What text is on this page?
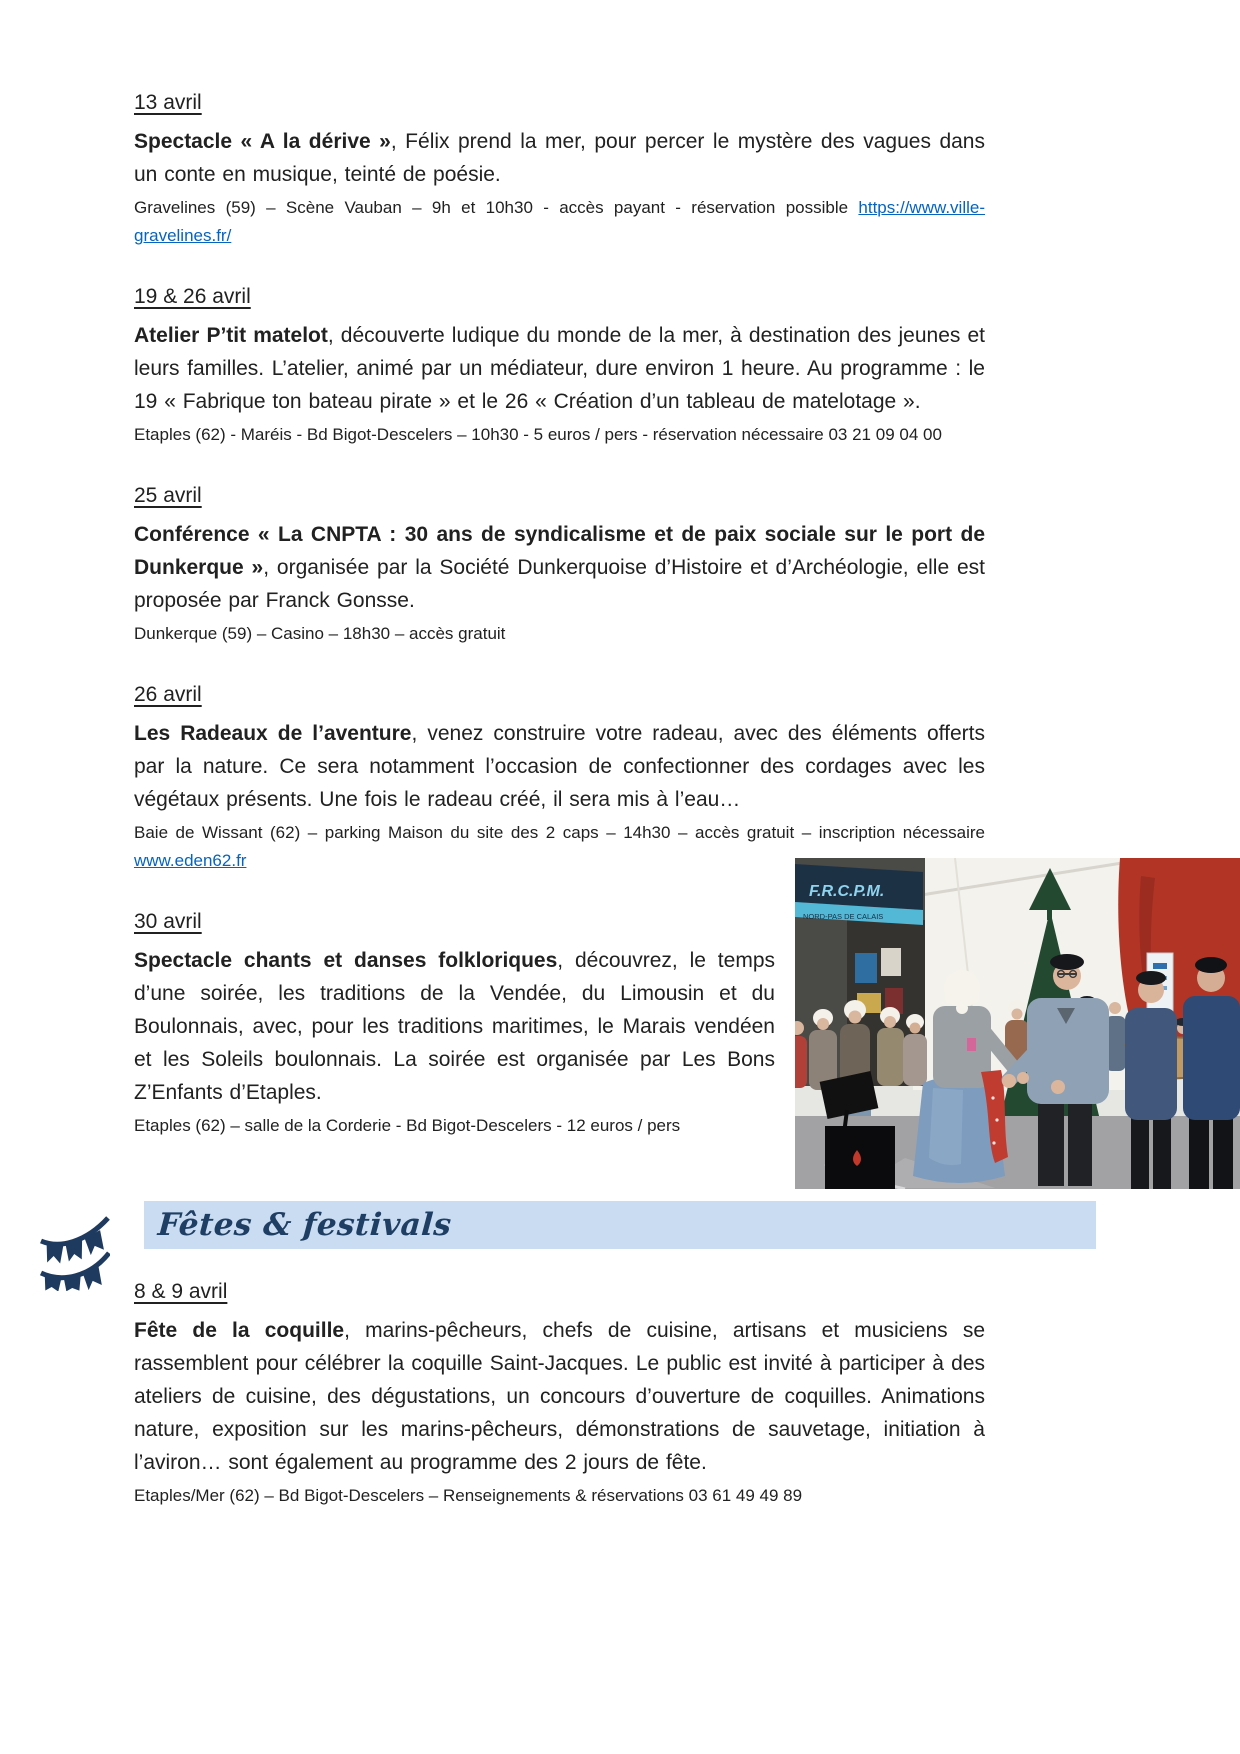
13 avril

Spectacle « A la dérive », Félix prend la mer, pour percer le mystère des vagues dans un conte en musique, teinté de poésie.

Gravelines (59) – Scène Vauban – 9h et 10h30 - accès payant - réservation possible https://www.ville-gravelines.fr/

19 & 26 avril

Atelier P’tit matelot, découverte ludique du monde de la mer, à destination des jeunes et leurs familles. L’atelier, animé par un médiateur, dure environ 1 heure. Au programme : le 19 « Fabrique ton bateau pirate » et le 26 « Création d’un tableau de matelotage ».

Etaples (62) - Maréis - Bd Bigot-Descelers – 10h30 - 5 euros / pers - réservation nécessaire 03 21 09 04 00

25 avril

Conférence « La CNPTA : 30 ans de syndicalisme et de paix sociale sur le port de Dunkerque », organisée par la Société Dunkerquoise d’Histoire et d’Archéologie, elle est proposée par Franck Gonsse.

Dunkerque (59) – Casino – 18h30 – accès gratuit

26 avril

Les Radeaux de l’aventure, venez construire votre radeau, avec des éléments offerts par la nature. Ce sera notamment l’occasion de confectionner des cordages avec les végétaux présents. Une fois le radeau créé, il sera mis à l’eau…

Baie de Wissant (62) – parking Maison du site des 2 caps – 14h30 – accès gratuit – inscription nécessaire www.eden62.fr

F.R.C.P.M.
NORD-PAS DE CALAIS
30 avril

Spectacle chants et danses folkloriques, découvrez, le temps d’une soirée, les traditions de la Vendée, du Limousin et du Boulonnais, avec, pour les traditions maritimes, le Marais vendéen et les Soleils boulonnais. La soirée est organisée par Les Bons Z’Enfants d’Etaples.

Etaples (62) – salle de la Corderie - Bd Bigot-Descelers - 12 euros / pers

Fêtes & festivals
8 & 9 avril

Fête de la coquille, marins-pêcheurs, chefs de cuisine, artisans et musiciens se rassemblent pour célébrer la coquille Saint-Jacques. Le public est invité à participer à des ateliers de cuisine, des dégustations, un concours d’ouverture de coquilles. Animations nature, exposition sur les marins-pêcheurs, démonstrations de sauvetage, initiation à l’aviron… sont également au programme des 2 jours de fête.

Etaples/Mer (62) – Bd Bigot-Descelers – Renseignements & réservations 03 61 49 49 89
